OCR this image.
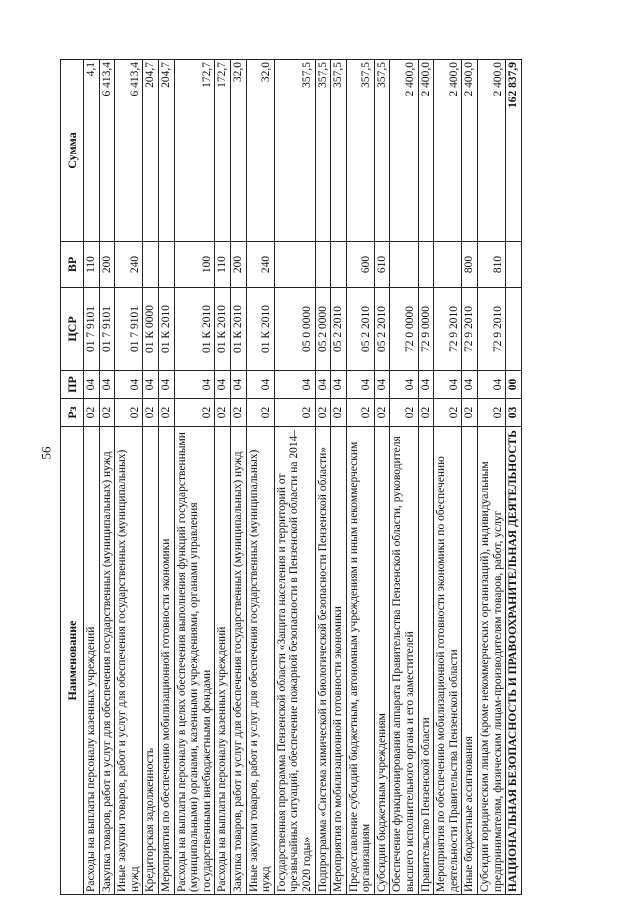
56
Наименование	Рз	ПР	ЦСР	ВР	Сумма
Расходы на выплаты персоналу казенных учреждений	02	04	01 7 9101	110	4,1
Закупка товаров, работ и услуг для обеспечения государственных (муниципальных) нужд	02	04	01 7 9101	200	6 413,4
Иные закупки товаров, работ и услуг для обеспечения государственных (муниципальных) нужд	02	04	01 7 9101	240	6 413,4
Кредиторская задолженность	02	04	01 К 0000		204,7
Мероприятия по обеспечению мобилизационной готовности экономики	02	04	01 К 2010		204,7
Расходы на выплаты персоналу в целях обеспечения выполнения функций государственными (муниципальными) органами, казенными учреждениями, органами управления государственными внебюджетными фондами	02	04	01 К 2010	100	172,7
Расходы на выплаты персоналу казенных учреждений	02	04	01 К 2010	110	172,7
Закупка товаров, работ и услуг для обеспечения государственных (муниципальных) нужд	02	04	01 К 2010	200	32,0
Иные закупки товаров, работ и услуг для обеспечения государственных (муниципальных) нужд	02	04	01 К 2010	240	32,0
Государственная программа Пензенской области «Защита населения и территорий от чрезвычайных ситуаций, обеспечение пожарной безопасности в Пензенской области на 2014–2020 годы»	02	04	05 0 0000		357,5
Подпрограмма «Система химической и биологической безопасности Пензенской области»	02	04	05 2 0000		357,5
Мероприятия по мобилизационной готовности экономики	02	04	05 2 2010		357,5
Предоставление субсидий бюджетным, автономным учреждениям и иным некоммерческим организациям	02	04	05 2 2010	600	357,5
Субсидии бюджетным учреждениям	02	04	05 2 2010	610	357,5
Обеспечение функционирования аппарата Правительства Пензенской области, руководителя высшего исполнительного органа и его заместителей	02	04	72 0 0000		2 400,0
Правительство Пензенской области	02	04	72 9 0000		2 400,0
Мероприятия по обеспечению мобилизационной готовности экономики по обеспечению деятельности Правительства Пензенской области	02	04	72 9 2010		2 400,0
Иные бюджетные ассигнования	02	04	72 9 2010	800	2 400,0
Субсидии юридическим лицам (кроме некоммерческих организаций), индивидуальным предпринимателям, физическим лицам-производителям товаров, работ, услуг	02	04	72 9 2010	810	2 400,0
НАЦИОНАЛЬНАЯ БЕЗОПАСНОСТЬ И ПРАВООХРАНИТЕЛЬНАЯ ДЕЯТЕЛЬНОСТЬ	03	00			162 837,9
